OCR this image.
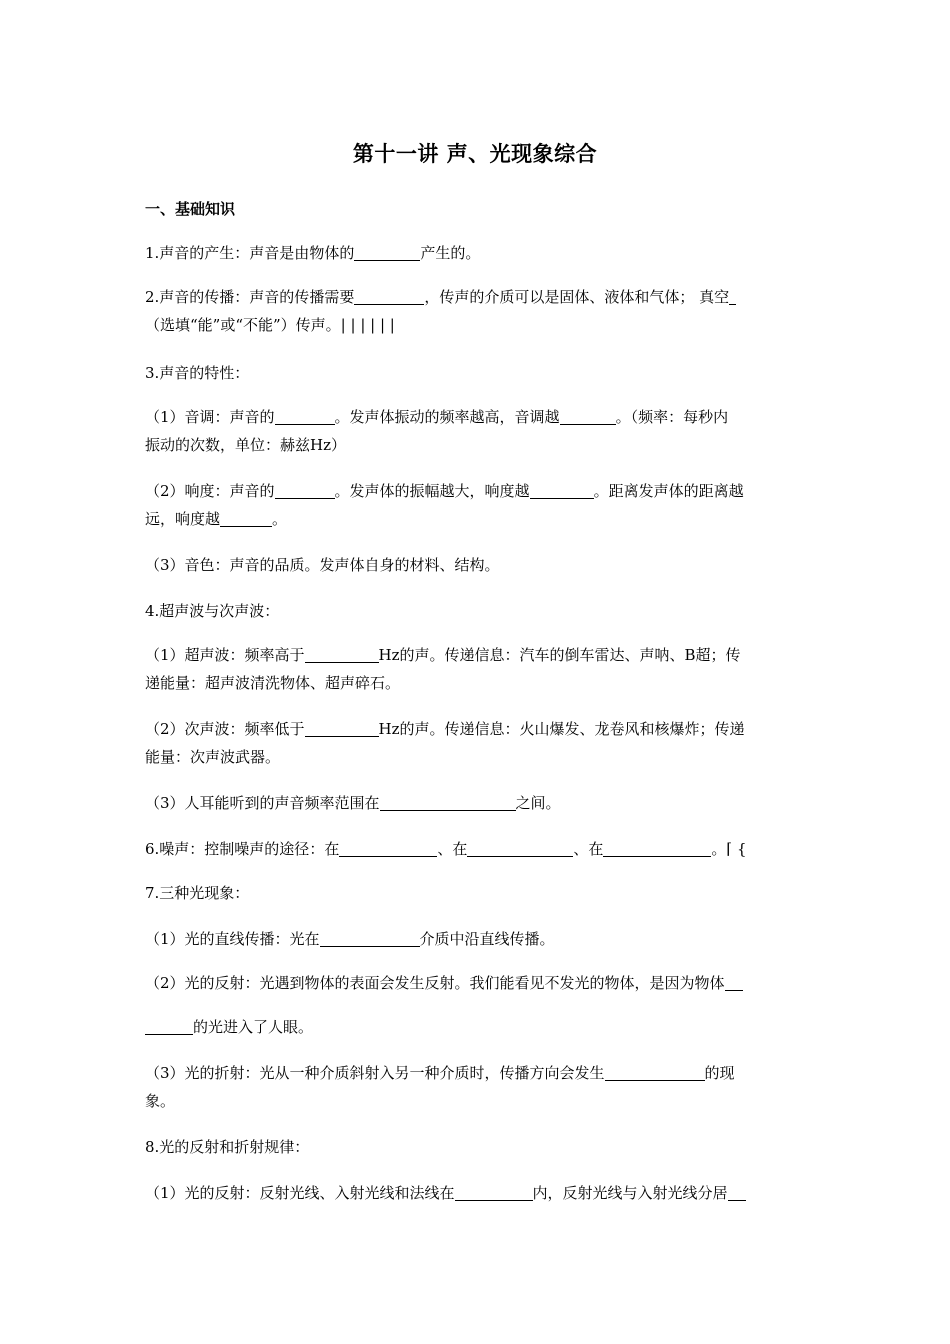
第十一讲 声、光现象综合
一、基础知识
1.声音的产生：声音是由物体的	产生的。
2.声音的传播：声音的传播需要	，传声的介质可以是固体、液体和气体； 真空
（选填“能”或“不能”）传声。| | | | | |
3.声音的特性：
（1）音调：声音的	。发声体振动的频率越高，音调越	。（频率：每秒内
振动的次数，单位：赫兹Hz）
（2）响度：声音的	。发声体的振幅越大，响度越	。距离发声体的距离越
远，响度越	。
（3）音色：声音的品质。发声体自身的材料、结构。
4.超声波与次声波：
（1）超声波：频率高于	Hz的声。传递信息：汽车的倒车雷达、声呐、B超；传
递能量：超声波清洗物体、超声碎石。
（2）次声波：频率低于	Hz的声。传递信息：火山爆发、龙卷风和核爆炸；传递
能量：次声波武器。
（3）人耳能听到的声音频率范围在	之间。
6.噪声：控制噪声的途径：在	、在	、在	。⌈ {
7.三种光现象：
（1）光的直线传播：光在	介质中沿直线传播。
（2）光的反射：光遇到物体的表面会发生反射。我们能看见不发光的物体，是因为物体
的光进入了人眼。
（3）光的折射：光从一种介质斜射入另一种介质时，传播方向会发生	的现
象。
8.光的反射和折射规律：
（1）光的反射：反射光线、入射光线和法线在	内，反射光线与入射光线分居
